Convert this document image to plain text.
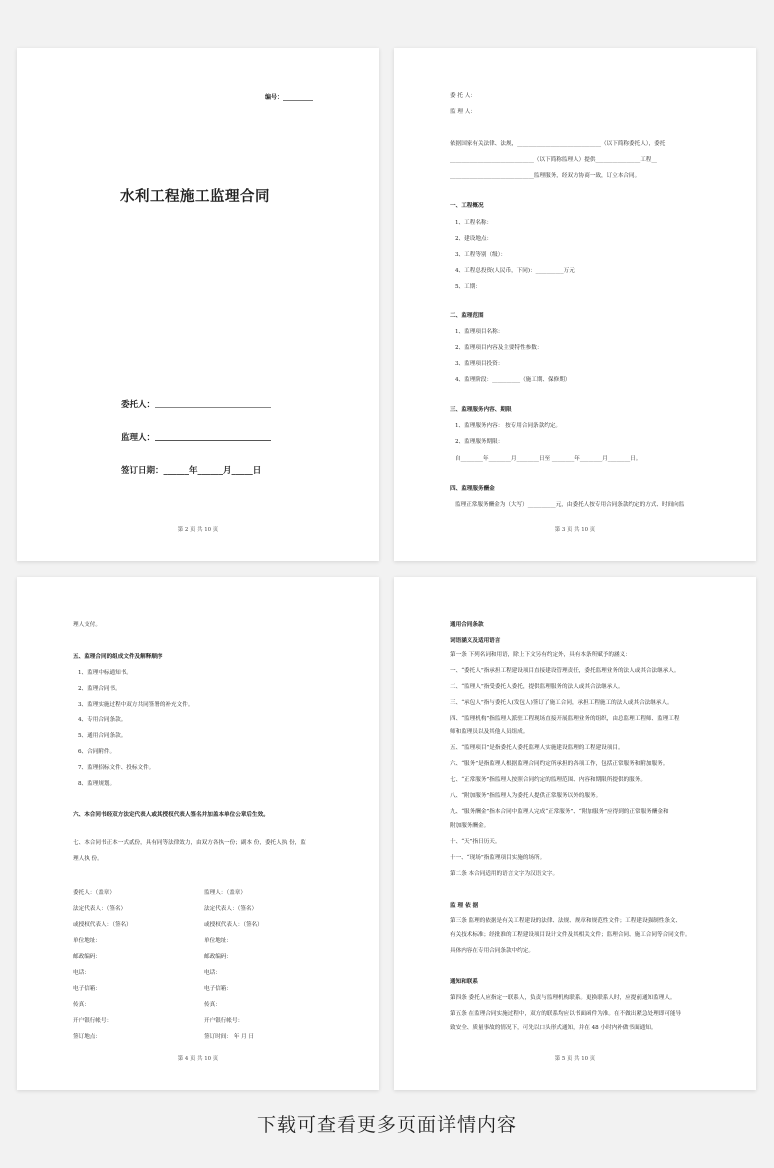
编号：__________
水利工程施工监理合同
委托人：
监理人：
签订日期：______年______月_____日
第 2 页 共 10 页
委 托 人：
监 理 人：
依据国家有关法律、法规，______________________________（以下简称委托人），委托
______________________________（以下简称监理人）提供________________工程__
______________________________监理服务，经双方协商一致，订立本合同。
一、工程概况
1、工程名称：
2、建设地点：
3、工程等别（级）：
4、工程总投资(人民币，下同)：__________万元
5、工期：
二、监理范围
1、监理项目名称：
2、监理项目内容及主要特性参数：
3、监理项目投资：
4、监理阶段：__________（施工期、保修期）
三、监理服务内容、期限
1、监理服务内容： 按专用合同条款约定。
2、监理服务期限：
自________年________月________日至 ________年________月________日。
四、监理服务酬金
监理正常服务酬金为（大写）__________元，由委托人按专用合同条款约定的方式、时间向监
第 3 页 共 10 页
理人支付。
五、监理合同的组成文件及解释顺序
1、监理中标通知书。
2、监理合同书。
3、监理实施过程中双方共同签署的补充文件。
4、专用合同条款。
5、通用合同条款。
6、合同附件。
7、监理招标文件、投标文件。
8、监理规划。
六、本合同书经双方法定代表人或其授权代表人签名并加盖本单位公章后生效。
七、本合同书正本一式贰份，具有同等法律效力，由双方各执一份；副本 份，委托人执 份，监
理人执 份。
委托人：（盖章）
法定代表人：（签名）
或授权代表人：（签名）
单位地址：
邮政编码：
电话：
电子信箱：
传真：
开户银行帐号：
签订地点：
监理人：（盖章）
法定代表人：（签名）
或授权代表人：（签名）
单位地址：
邮政编码：
电话：
电子信箱：
传真：
开户银行帐号：
签订时间： 年 月 日
第 4 页 共 10 页
通用合同条款
词语涵义及适用语言
第一条 下列名词和用语，除上下文另有约定外，具有本条所赋予的涵义：
一、“委托人”指承担工程建设项目直接建设管理责任，委托监理业务的法人或其合法继承人。
二、“监理人”指受委托人委托，提供监理服务的法人或其合法继承人。
三、“承包人”指与委托人(发包人)签订了施工合同，承担工程施工的法人或其合法继承人。
四、“监理机构”指监理人派驻工程现场直接开展监理业务的组织，由总监理工程师、监理工程
师和监理员以及其他人员组成。
五、“监理项目”是指委托人委托监理人实施建设监理的工程建设项目。
六、“服务”是指监理人根据监理合同约定所承担的各项工作，包括正常服务和附加服务。
七、“正常服务”指监理人按照合同约定的监理范围、内容和期限所提供的服务。
八、“附加服务”指监理人为委托人提供正常服务以外的服务。
九、“服务酬金”指本合同中监理人完成“正常服务”、“附加服务”应得到的正常服务酬金和
附加服务酬金。
十、“天”指日历天。
十一、“现场”指监理项目实施的场所。
第二条 本合同适用的语言文字为汉语文字。
监 理 依 据
第三条 监理的依据是有关工程建设的法律、法规、规章和规范性文件；工程建设强制性条文、
有关技术标准；经批准的工程建设项目设计文件及其相关文件；监理合同、施工合同等合同文件。
具体内容在专用合同条款中约定。
通知和联系
第四条 委托人应指定一联系人，负责与监理机构联系。更换联系人时，应提前通知监理人。
第五条 在监理合同实施过程中，双方的联系均应以书面函件为准。在不做出紧急处理即可能导
致安全、质量事故的情况下，可先以口头形式通知，并在 48 小时内补做书面通知。
第 5 页 共 10 页
下载可查看更多页面详情内容
